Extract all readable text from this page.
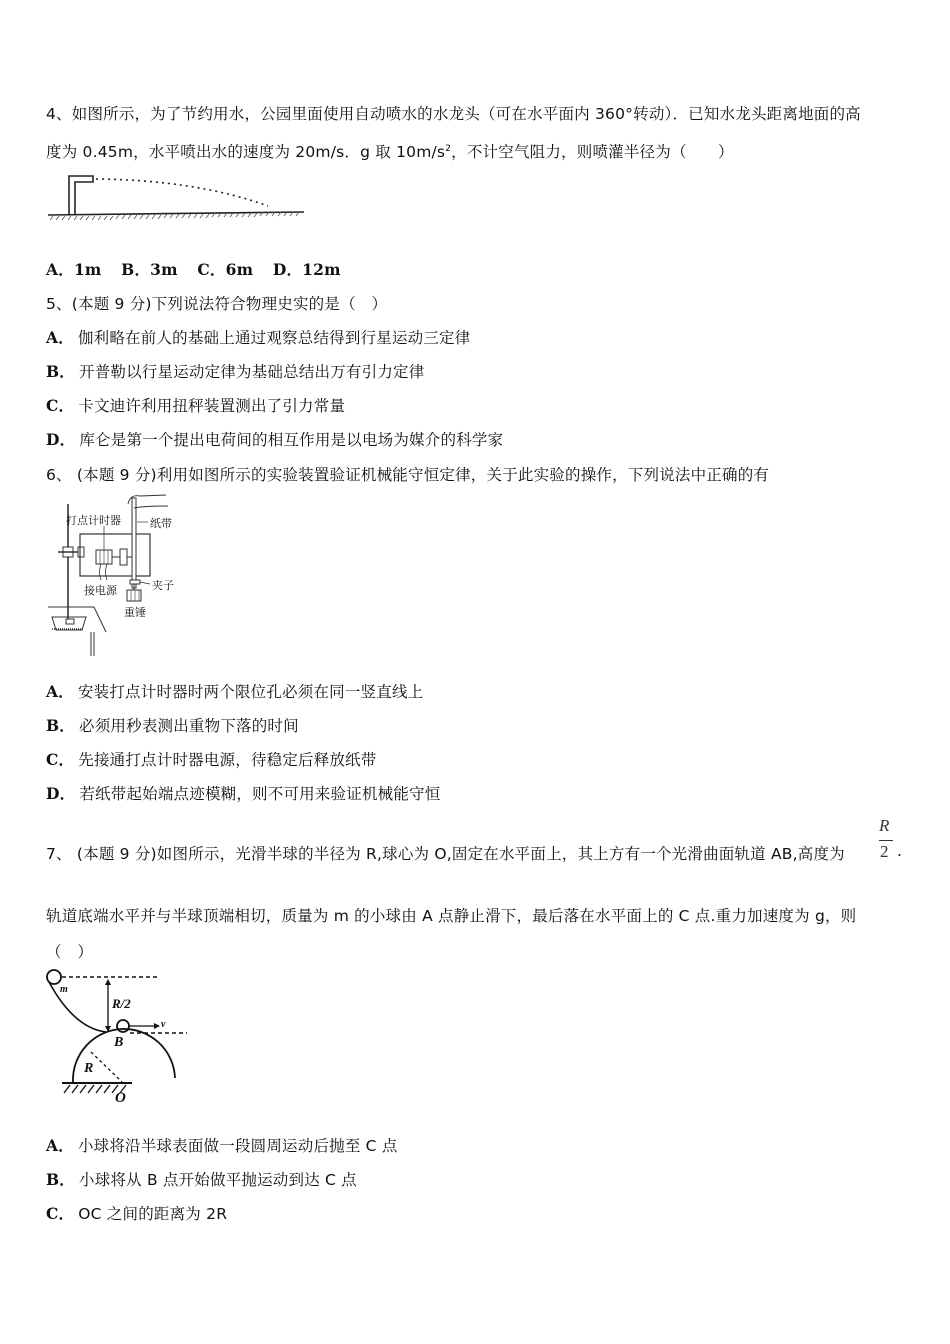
4、如图所示，为了节约用水，公园里面使用自动喷水的水龙头（可在水平面内 360°转动）．已知水龙头距离地面的高
度为 0.45m，水平喷出水的速度为 20m/s．g 取 $10m/s^2$，不计空气阻力，则喷灌半径为（　　）
A．1m B．3m C．6m D．12m
5、(本题 9 分)下列说法符合物理史实的是（　）
A． 伽利略在前人的基础上通过观察总结得到行星运动三定律
B． 开普勒以行星运动定律为基础总结出万有引力定律
C． 卡文迪许利用扭秤装置测出了引力常量
D． 库仑是第一个提出电荷间的相互作用是以电场为媒介的科学家
6、 (本题 9 分)利用如图所示的实验装置验证机械能守恒定律，关于此实验的操作，下列说法中正确的有
打点计时器	纸带
接电源	夹子
重锤
A． 安装打点计时器时两个限位孔必须在同一竖直线上
B． 必须用秒表测出重物下落的时间
C． 先接通打点计时器电源，待稳定后释放纸带
D． 若纸带起始端点迹模糊，则不可用来验证机械能守恒
7、 (本题 9 分)如图所示，光滑半球的半径为 R,球心为 O,固定在水平面上，其上方有一个光滑曲面轨道 AB,高度为
R
2 .
轨道底端水平并与半球顶端相切，质量为 m 的小球由 A 点静止滑下，最后落在水平面上的 C 点.重力加速度为 g，则
（　）
m
R/2
v
B
R
O
A． 小球将沿半球表面做一段圆周运动后抛至 C 点
B． 小球将从 B 点开始做平抛运动到达 C 点
C． OC 之间的距离为 2R
